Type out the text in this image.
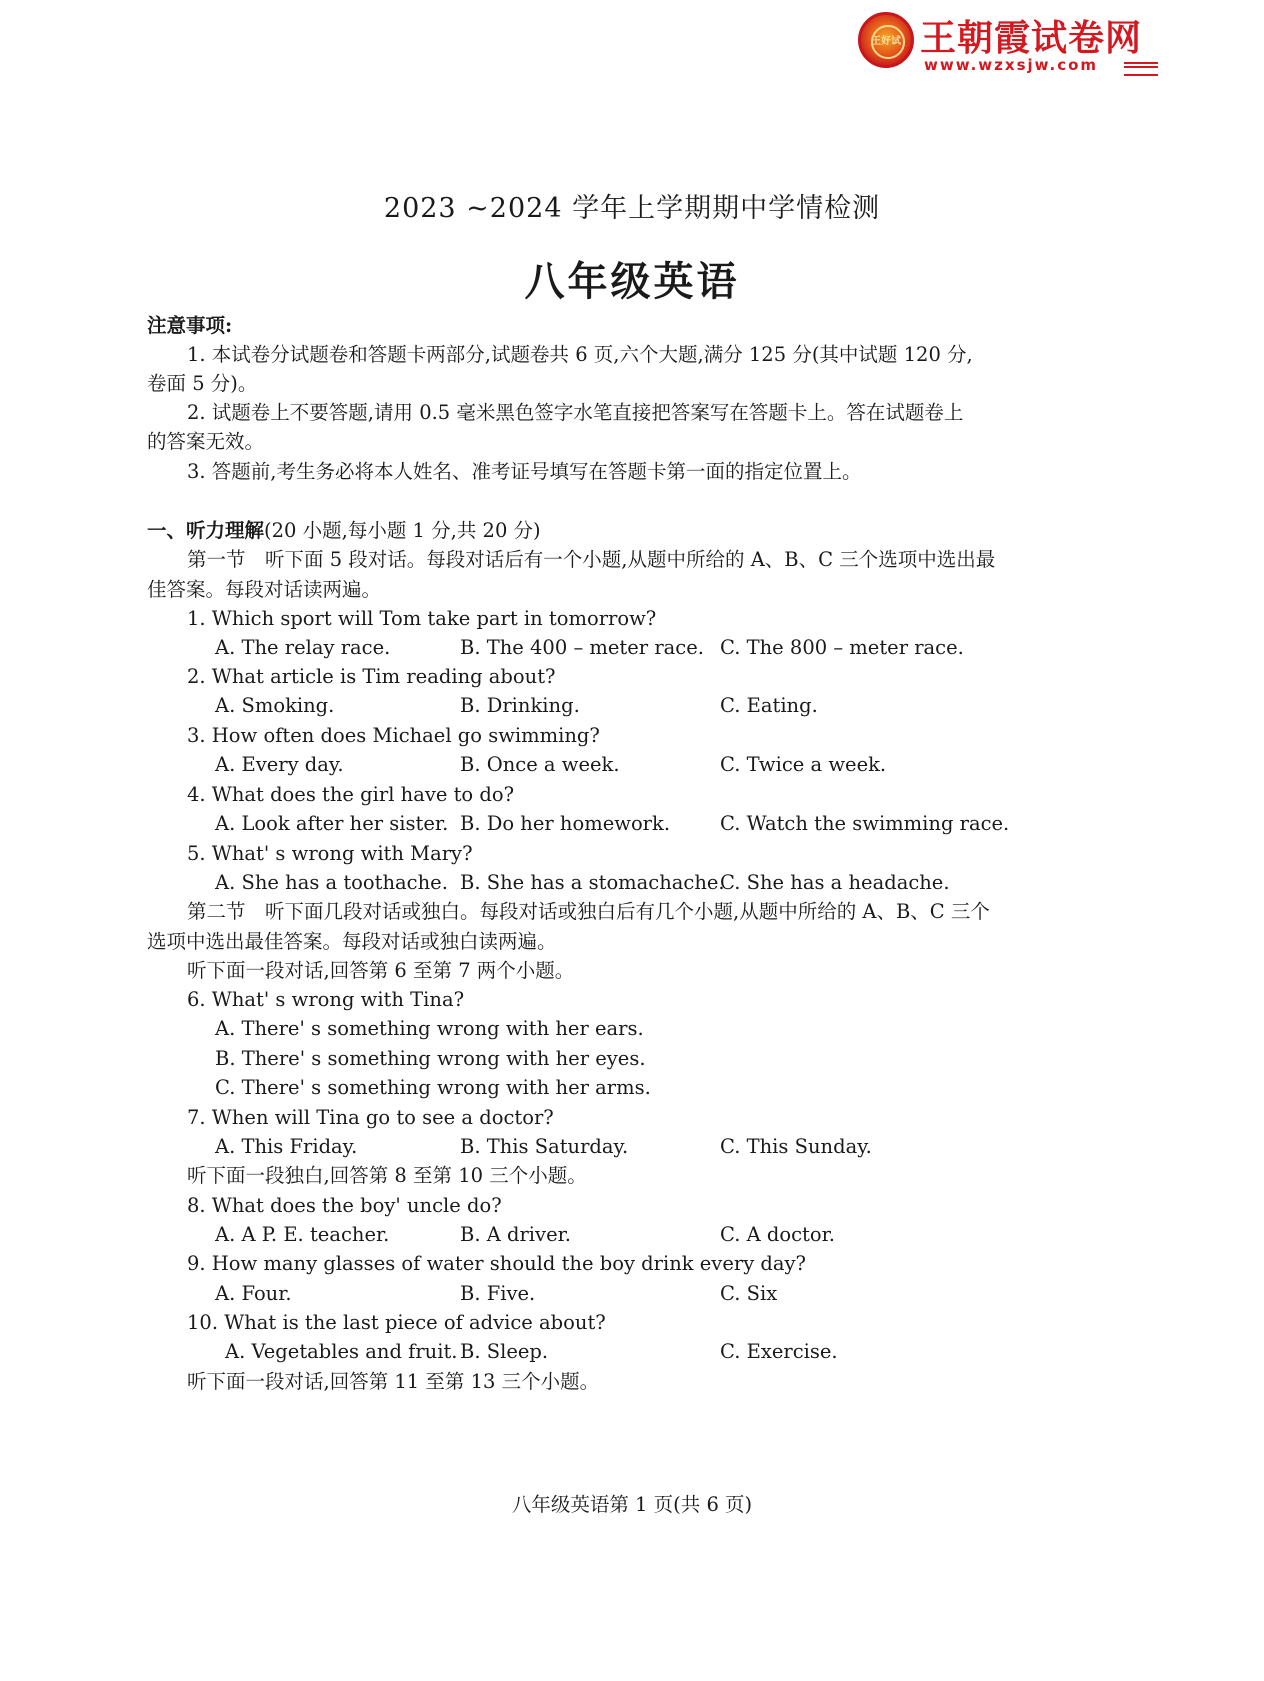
王好试 王朝霞试卷网
www.wzxsjw.com
2023 ~2024 学年上学期期中学情检测
八年级英语
注意事项:
1. 本试卷分试题卷和答题卡两部分,试题卷共 6 页,六个大题,满分 125 分(其中试题 120 分,
卷面 5 分)。
2. 试题卷上不要答题,请用 0.5 毫米黑色签字水笔直接把答案写在答题卡上。答在试题卷上
的答案无效。
3. 答题前,考生务必将本人姓名、准考证号填写在答题卡第一面的指定位置上。
一、听力理解(20 小题,每小题 1 分,共 20 分)
第一节　听下面 5 段对话。每段对话后有一个小题,从题中所给的 A、B、C 三个选项中选出最
佳答案。每段对话读两遍。
1. Which sport will Tom take part in tomorrow?
A. The relay race.	B. The 400 – meter race. C. The 800 – meter race.
2. What article is Tim reading about?
A. Smoking.	B. Drinking.	C. Eating.
3. How often does Michael go swimming?
A. Every day.	B. Once a week.	C. Twice a week.
4. What does the girl have to do?
A. Look after her sister. B. Do her homework.	C. Watch the swimming race.
5. What' s wrong with Mary?
A. She has a toothache. B. She has a stomachache.
C. She has a headache.
第二节　听下面几段对话或独白。每段对话或独白后有几个小题,从题中所给的 A、B、C 三个
选项中选出最佳答案。每段对话或独白读两遍。
听下面一段对话,回答第 6 至第 7 两个小题。
6. What' s wrong with Tina?
A. There' s something wrong with her ears.
B. There' s something wrong with her eyes.
C. There' s something wrong with her arms.
7. When will Tina go to see a doctor?
A. This Friday.	B. This Saturday.	C. This Sunday.
听下面一段独白,回答第 8 至第 10 三个小题。
8. What does the boy' uncle do?
A. A P. E. teacher.	B. A driver.	C. A doctor.
9. How many glasses of water should the boy drink every day?
A. Four.	B. Five.	C. Six
10. What is the last piece of advice about?
A. Vegetables and fruit. B. Sleep.	C. Exercise.
听下面一段对话,回答第 11 至第 13 三个小题。
八年级英语第 1 页(共 6 页)
